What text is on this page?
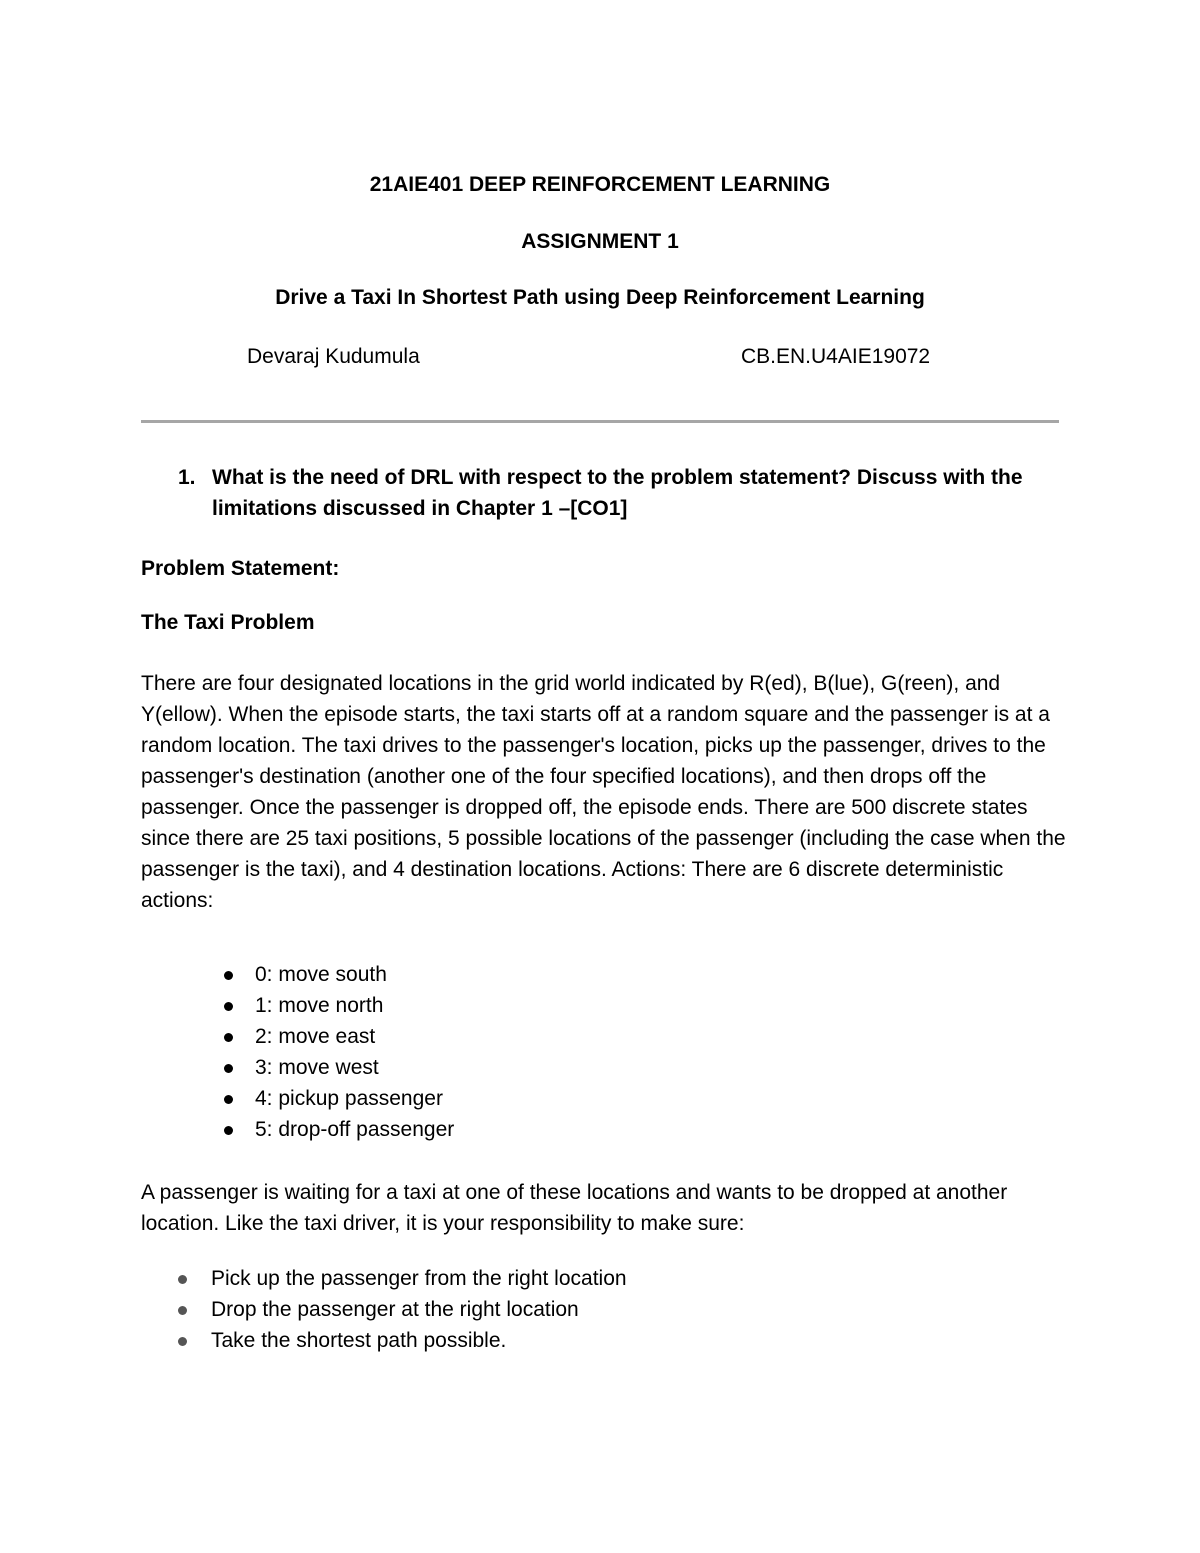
21AIE401 DEEP REINFORCEMENT LEARNING
ASSIGNMENT 1
Drive a Taxi In Shortest Path using Deep Reinforcement Learning
Devaraj Kudumula	CB.EN.U4AIE19072
1. What is the need of DRL with respect to the problem statement? Discuss with the limitations discussed in Chapter 1 –[CO1]
Problem Statement:
The Taxi Problem
There are four designated locations in the grid world indicated by R(ed), B(lue), G(reen), and Y(ellow). When the episode starts, the taxi starts off at a random square and the passenger is at a random location. The taxi drives to the passenger's location, picks up the passenger, drives to the passenger's destination (another one of the four specified locations), and then drops off the passenger. Once the passenger is dropped off, the episode ends. There are 500 discrete states since there are 25 taxi positions, 5 possible locations of the passenger (including the case when the passenger is the taxi), and 4 destination locations. Actions: There are 6 discrete deterministic actions:
0: move south
1: move north
2: move east
3: move west
4: pickup passenger
5: drop-off passenger
A passenger is waiting for a taxi at one of these locations and wants to be dropped at another location. Like the taxi driver, it is your responsibility to make sure:
Pick up the passenger from the right location
Drop the passenger at the right location
Take the shortest path possible.
